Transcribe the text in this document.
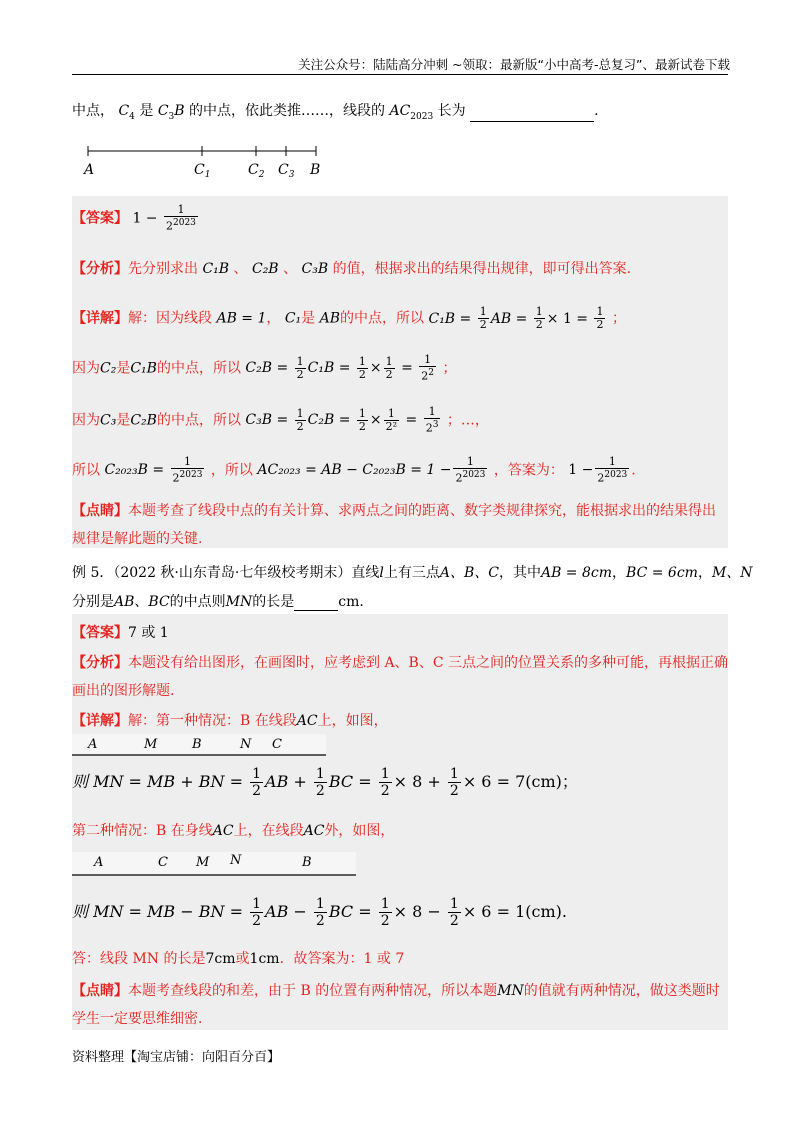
关注公众号：陆陆高分冲刺 ~领取：最新版“小中高考-总复习”、最新试卷下载
中点， $C_4$ 是 $C_3B$ 的中点，依此类推……，线段的 $AC_{2023}$ 长为	.
A	$C_1$	$C_2$ $C_3$ B
【答案】 $1 - \frac{1}{2^{2023}}$
【分析】先分别求出 C₁B 、 C₂B 、 C₃B 的值，根据求出的结果得出规律，即可得出答案.
【详解】解：因为线段 AB = 1， C₁是 AB的中点，所以 $C_1B = \frac{1}{2}$ AB = $\frac{1}{2} \times 1 = \frac{1}{2}$ ；
因为C₂是C₁B的中点，所以 $C_2B = \frac{1}{2} C_1B = \frac{1}{2} \times \frac{1}{2} = \frac{1}{2^2}$ ；
因为C₃是C₂B的中点，所以 $C_3B = \frac{1}{2} C_2B = \frac{1}{2} \times \frac{1}{\text{2²}} = \frac{1}{2^3}$ ；…，
所以 $C_{2023}B = \frac{1}{2^{2023}}$ ，所以 AC₂₀₂₃ = AB − $C_{2023}B = 1 - \frac{1}{2^{2023}}$ ，答案为： $1 - \frac{1}{2^{2023}}$ .
【点睛】本题考查了线段中点的有关计算、求两点之间的距离、数字类规律探究，能根据求出的结果得出
规律是解此题的关键.
例 5．（2022 秋·山东青岛·七年级校考期末）直线l上有三点A、B、C，其中AB = 8cm，BC = 6cm，M、N
分别是AB、BC的中点则MN的长是	cm.
【答案】7 或 1
【分析】本题没有给出图形，在画图时，应考虑到 A、B、C 三点之间的位置关系的多种可能，再根据正确
画出的图形解题.
【详解】解：第一种情况：B 在线段AC上，如图，
A	M	B	N C
则 MN = MB + BN = $\frac{1}{2}$ AB + $\frac{1}{2}$ BC = $\frac{1}{2} \times 8 + \frac{1}{2} \times 6 = 7(cm)$；
第二种情况：B 在身线AC上，在线段AC外，如图，
A	C M N	B
则 MN = MB − BN = $\frac{1}{2}$ AB − $\frac{1}{2}$ BC = $\frac{1}{2} \times 8 - \frac{1}{2} \times 6 = 1(cm)$.
答：线段 MN 的长是7cm或1cm．故答案为：1 或 7
【点睛】本题考查线段的和差，由于 B 的位置有两种情况，所以本题MN的值就有两种情况，做这类题时
学生一定要思维细密.
资料整理【淘宝店铺：向阳百分百】
